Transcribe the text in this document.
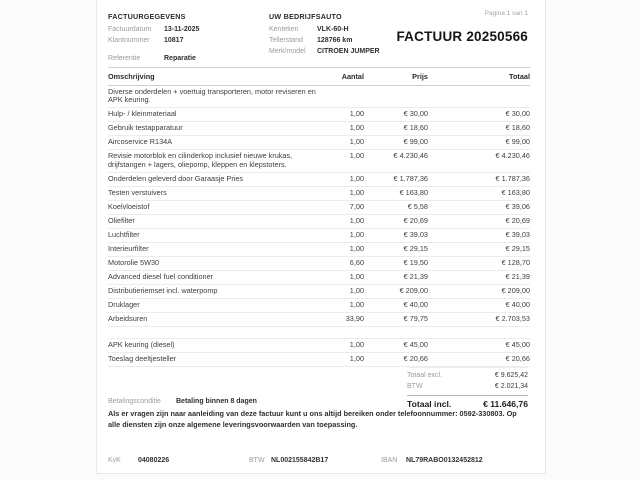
Pagina 1 van 1
FACTUUR 20250566
FACTUURGEGEVENS
Factuurdatum	13-11-2025
Klantnummer	10817
Referentie	Reparatie
UW BEDRIJFSAUTO
Kenteken	VLK-60-H
Tellerstand	128766 km
Merk/model	CITROEN JUMPER
Omschrijving	Aantal	Prijs	Totaal
Diverse onderdelen + voertuig transporteren, motor reviseren en APK keuring.			
Hulp- / kleinmateriaal	1,00	€ 30,00	€ 30,00
Gebruik testapparatuur	1,00	€ 18,60	€ 18,60
Aircoservice R134A	1,00	€ 99,00	€ 99,00
Revisie motorblok en cilinderkop inclusief nieuwe krukas, drijfstangen + lagers, oliepomp, kleppen en klepstoters.	1,00	€ 4.230,46	€ 4.230,46
Onderdelen geleverd door Garaasje Pries	1,00	€ 1.787,36	€ 1.787,36
Testen verstuivers	1,00	€ 163,80	€ 163,80
Koelvloeistof	7,00	€ 5,58	€ 39,06
Oliefilter	1,00	€ 20,69	€ 20,69
Luchtfilter	1,00	€ 39,03	€ 39,03
Interieurfilter	1,00	€ 29,15	€ 29,15
Motorolie 5W30	6,60	€ 19,50	€ 128,70
Advanced diesel fuel conditioner	1,00	€ 21,39	€ 21,39
Distributieriemset incl. waterpomp	1,00	€ 209,00	€ 209,00
Druklager	1,00	€ 40,00	€ 40,00
Arbeidsuren	33,90	€ 79,75	€ 2.703,53

APK keuring (diesel)	1,00	€ 45,00	€ 45,00
Toeslag deeltjesteller	1,00	€ 20,66	€ 20,66
Totaal excl.	€ 9.625,42
BTW	€ 2.021,34
Totaal incl.	€ 11.646,76
Betalingsconditie	Betaling binnen 8 dagen
Als er vragen zijn naar aanleiding van deze factuur kunt u ons altijd bereiken onder telefoonnummer: 0592-330803. Op alle diensten zijn onze algemene leveringsvoorwaarden van toepassing.
KvK 04080226	BTW NL002155842B17	IBAN NL79RABO0132452812
